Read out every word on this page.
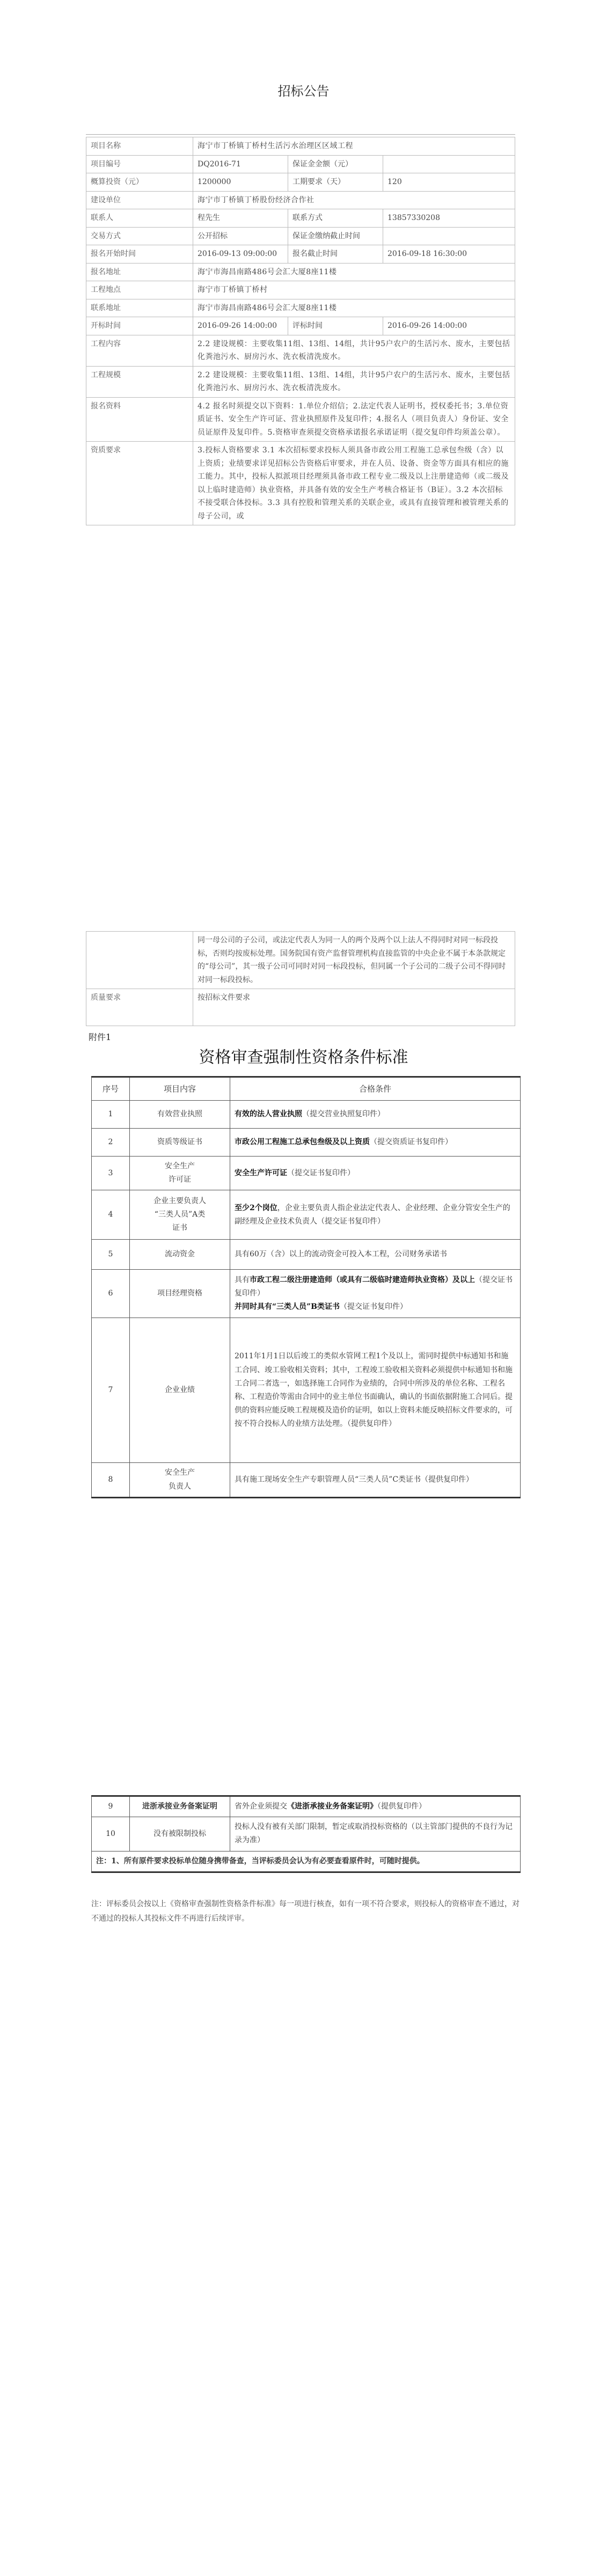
招标公告
项目名称	海宁市丁桥镇丁桥村生活污水治理区区域工程		
项目编号	DQ2016-71	保证金金额（元）	
概算投资（元）	1200000	工期要求（天）	120
建设单位	海宁市丁桥镇丁桥股份经济合作社		
联系人	程先生	联系方式	13857330208
交易方式	公开招标	保证金缴纳截止时间	
报名开始时间	2016-09-13 09:00:00	报名截止时间	2016-09-18 16:30:00
报名地址	海宁市海昌南路486号会汇大厦8座11楼		
工程地点	海宁市丁桥镇丁桥村		
联系地址	海宁市海昌南路486号会汇大厦8座11楼		
开标时间	2016-09-26 14:00:00	评标时间	2016-09-26 14:00:00
工程内容	2.2 建设规模：主要收集11组、13组、14组，共计95户农户的生活污水、废水，主要包括化粪池污水、厨房污水、洗衣板清洗废水。		
工程规模	2.2 建设规模：主要收集11组、13组、14组，共计95户农户的生活污水、废水，主要包括化粪池污水、厨房污水、洗衣板清洗废水。		
报名资料	4.2 报名时须提交以下资料：1.单位介绍信；2.法定代表人证明书，授权委托书；3.单位资质证书、安全生产许可证、营业执照原件及复印件；4.报名人（项目负责人）身份证、安全员证原件及复印件。5.资格审查须提交资格承诺报名承诺证明（提交复印件均须盖公章）。		
资质要求	3.投标人资格要求 3.1 本次招标要求投标人须具备市政公用工程施工总承包叁级（含）以上资质；业绩要求详见招标公告资格后审要求，并在人员、设备、资金等方面具有相应的施工能力。其中，投标人拟派项目经理须具备市政工程专业二级及以上注册建造师（或二级及以上临时建造师）执业资格，并具备有效的安全生产考核合格证书（B证）。3.2 本次招标不接受联合体投标。3.3 具有控股和管理关系的关联企业，或具有直接管理和被管理关系的母子公司，或		
	同一母公司的子公司，或法定代表人为同一人的两个及两个以上法人不得同时对同一标段投标，否则均按废标处理。国务院国有资产监督管理机构直接监管的中央企业不属于本条款规定的“母公司”，其一级子公司可同时对同一标段投标，但同属一个子公司的二级子公司不得同时对同一标段投标。
质量要求	按招标文件要求
附件1
资格审查强制性资格条件标准
序号	项目内容	合格条件
1	有效营业执照	有效的法人营业执照（提交营业执照复印件）
2	资质等级证书	市政公用工程施工总承包叁级及以上资质（提交资质证书复印件）
3	安全生产
许可证	安全生产许可证（提交证书复印件）
4	企业主要负责人
“三类人员”A类
证书	至少2个岗位，企业主要负责人指企业法定代表人、企业经理、企业分管安全生产的副经理及企业技术负责人（提交证书复印件）
5	流动资金	具有60万（含）以上的流动资金可投入本工程，公司财务承诺书
6	项目经理资格	具有市政工程二级注册建造师（或具有二级临时建造师执业资格）及以上（提交证书复印件）
并同时具有“三类人员”B类证书（提交证书复印件）
7	企业业绩	2011年1月1日以后竣工的类似水管网工程1个及以上，需同时提供中标通知书和施工合同、竣工验收相关资料；其中，工程竣工验收相关资料必须提供中标通知书和施工合同二者选一，如选择施工合同作为业绩的，合同中所涉及的单位名称、工程名称、工程造价等需由合同中的业主单位书面确认，确认的书面依据附施工合同后。提供的资料应能反映工程规模及造价的证明，如以上资料未能反映招标文件要求的，可按不符合投标人的业绩方法处理。（提供复印件）
8	安全生产
负责人	具有施工现场安全生产专职管理人员“三类人员”C类证书（提供复印件）
9	进浙承接业务备案证明	省外企业须提交《进浙承接业务备案证明》（提供复印件）
10	没有被限制投标	投标人没有被有关部门限制，暂定或取消投标资格的（以主管部门提供的不良行为记录为准）
注：1、所有原件要求投标单位随身携带备查，当评标委员会认为有必要查看原件时，可随时提供。		
注：评标委员会按以上《资格审查强制性资格条件标准》每一项进行核查，如有一项不符合要求，则投标人的资格审查不通过，对不通过的投标人其投标文件不再进行后续评审。
